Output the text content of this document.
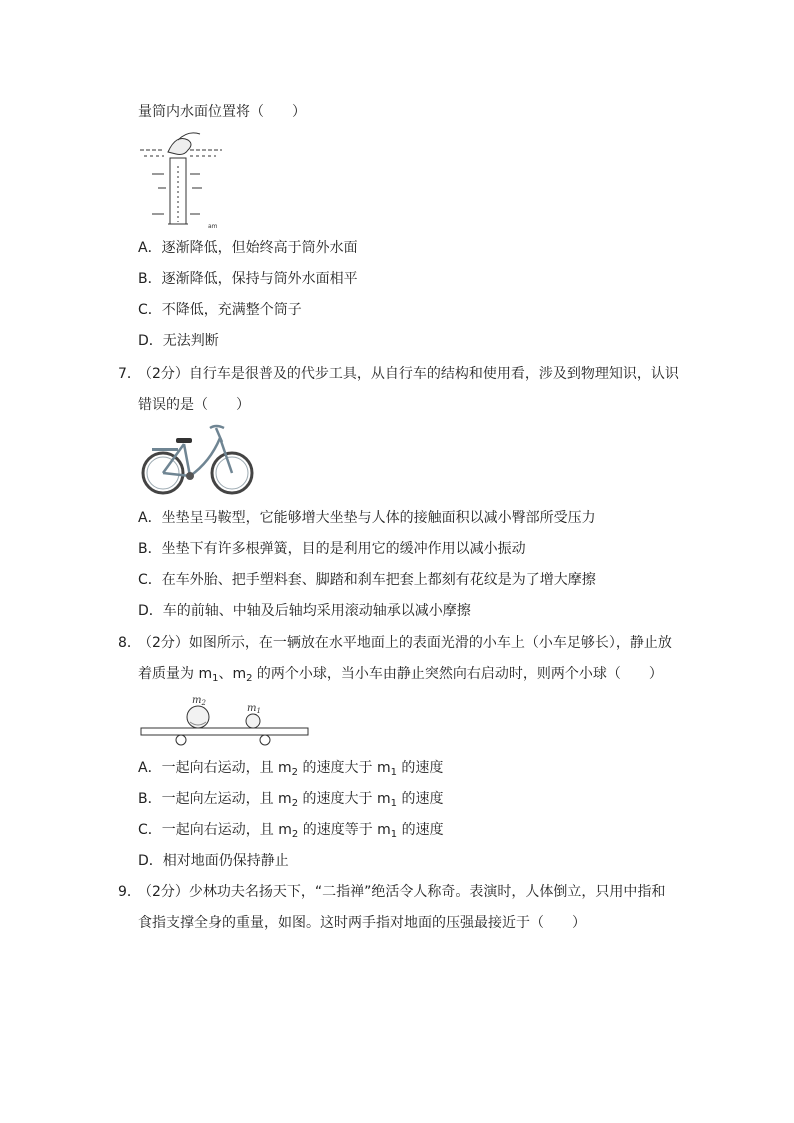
量筒内水面位置将（　　）
am
A．逐渐降低，但始终高于筒外水面
B．逐渐降低，保持与筒外水面相平
C．不降低，充满整个筒子
D．无法判断
7．
（2分）自行车是很普及的代步工具，从自行车的结构和使用看，涉及到物理知识，认识
错误的是（　　）
A．坐垫呈马鞍型，它能够增大坐垫与人体的接触面积以减小臀部所受压力
B．坐垫下有许多根弹簧，目的是利用它的缓冲作用以减小振动
C．在车外胎、把手塑料套、脚踏和刹车把套上都刻有花纹是为了增大摩擦
D．车的前轴、中轴及后轴均采用滚动轴承以减小摩擦
8．
（2分）如图所示，在一辆放在水平地面上的表面光滑的小车上（小车足够长），静止放
着质量为 $m_1$、$m_2$ 的两个小球，当小车由静止突然向右启动时，则两个小球（　　）
$m_2$	$m_1$
A．一起向右运动，且 $m_2$ 的速度大于 $m_1$ 的速度
B．一起向左运动，且 $m_2$ 的速度大于 $m_1$ 的速度
C．一起向右运动，且 $m_2$ 的速度等于 $m_1$ 的速度
D．相对地面仍保持静止
9．
（2分）少林功夫名扬天下，“二指禅”绝活令人称奇。表演时，人体倒立，只用中指和
食指支撑全身的重量，如图。这时两手指对地面的压强最接近于（　　）
